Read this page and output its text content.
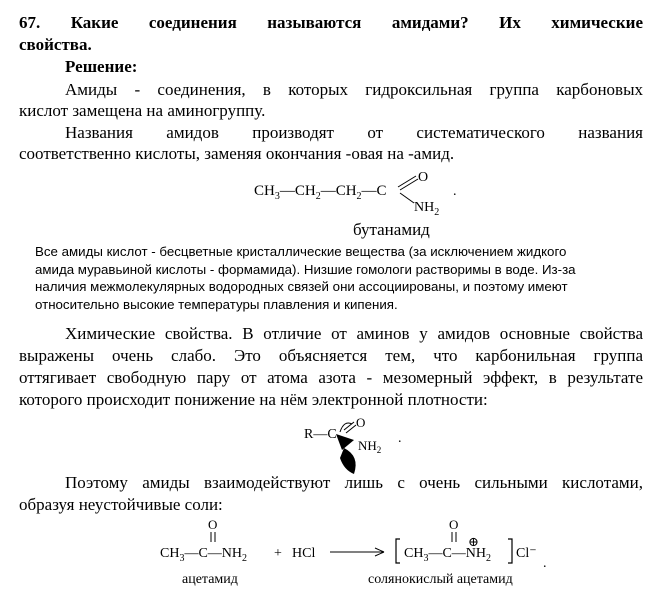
67. Какие соединения называются амидами? Их химические

свойства.

Решение:

Амиды - соединения, в которых гидроксильная группа карбоновых

кислот замещена на аминогруппу.

Названия амидов производят от систематического названия

соответственно кислоты, заменяя окончания -овая на -амид.

$CH_3—CH_2—CH_2—C$
O
$NH_2$
.

бутанамид

Все амиды кислот - бесцветные кристаллические вещества (за исключением жидкого
амида муравьиной кислоты - формамида). Низшие гомологи растворимы в воде. Из-за
наличия межмолекулярных водородных связей они ассоциированы, и поэтому имеют
относительно высокие температуры плавления и кипения.

Химические свойства. В отличие от аминов у амидов основные свойства

выражены очень слабо. Это объясняется тем, что карбонильная группа

оттягивает свободную пару от атома азота - мезомерный эффект, в результате

которого происходит понижение на нём электронной плотности:

R—C
O
$NH_2$
.

Поэтому амиды взаимодействуют лишь с очень сильными кислотами,

образуя неустойчивые соли:

O
$CH_3—C—NH_2$ + HCl
O
⊕
$CH_3—C—NH_2$ Cl⁻
.
ацетамид	солянокислый ацетамид
